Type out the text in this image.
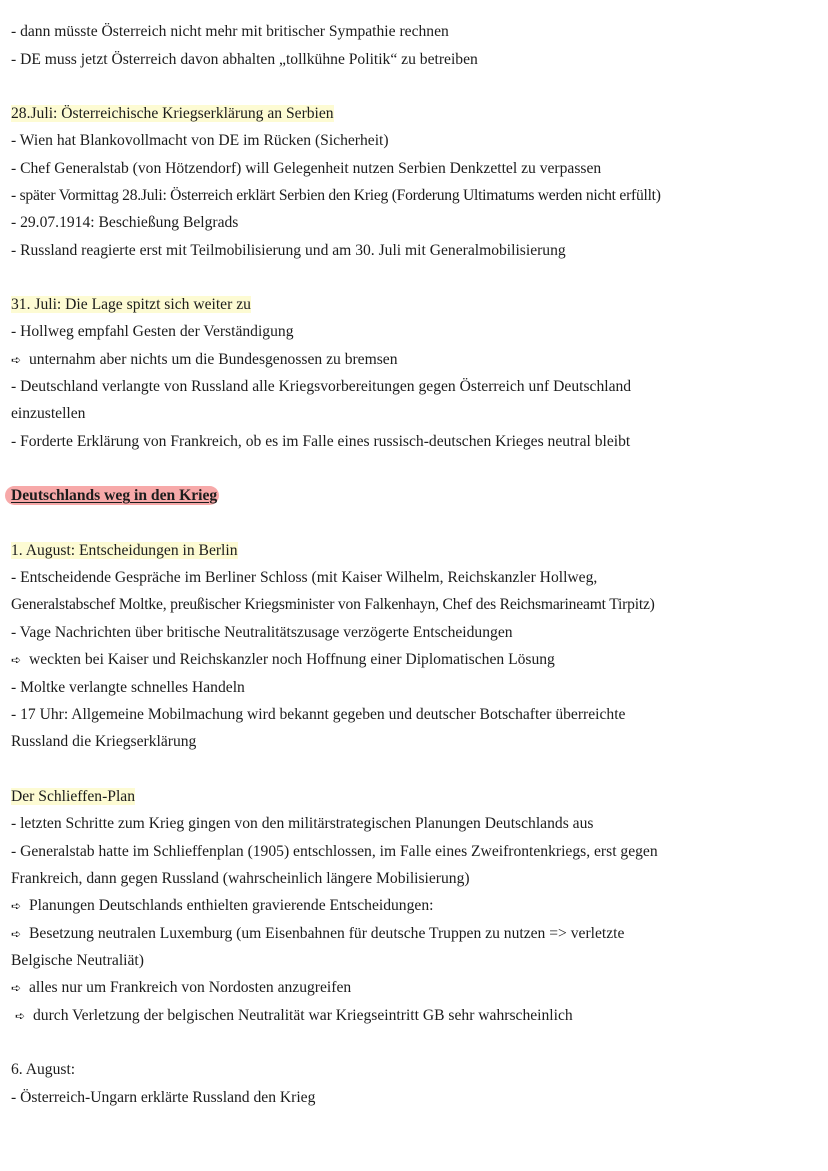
- dann müsste Österreich nicht mehr mit britischer Sympathie rechnen

- DE muss jetzt Österreich davon abhalten „tollkühne Politik“ zu betreiben

28.Juli: Österreichische Kriegserklärung an Serbien

- Wien hat Blankovollmacht von DE im Rücken (Sicherheit)

- Chef Generalstab (von Hötzendorf) will Gelegenheit nutzen Serbien Denkzettel zu verpassen

- später Vormittag 28.Juli: Österreich erklärt Serbien den Krieg (Forderung Ultimatums werden nicht erfüllt)

- 29.07.1914: Beschießung Belgrads

- Russland reagierte erst mit Teilmobilisierung und am 30. Juli mit Generalmobilisierung

31. Juli: Die Lage spitzt sich weiter zu

- Hollweg empfahl Gesten der Verständigung

➪ unternahm aber nichts um die Bundesgenossen zu bremsen

- Deutschland verlangte von Russland alle Kriegsvorbereitungen gegen Österreich unf Deutschland

einzustellen

- Forderte Erklärung von Frankreich, ob es im Falle eines russisch-deutschen Krieges neutral bleibt

Deutschlands weg in den Krieg

1. August: Entscheidungen in Berlin

- Entscheidende Gespräche im Berliner Schloss (mit Kaiser Wilhelm, Reichskanzler Hollweg,

Generalstabschef Moltke, preußischer Kriegsminister von Falkenhayn, Chef des Reichsmarineamt Tirpitz)

- Vage Nachrichten über britische Neutralitätszusage verzögerte Entscheidungen

➪ weckten bei Kaiser und Reichskanzler noch Hoffnung einer Diplomatischen Lösung

- Moltke verlangte schnelles Handeln

- 17 Uhr: Allgemeine Mobilmachung wird bekannt gegeben und deutscher Botschafter überreichte

Russland die Kriegserklärung

Der Schlieffen-Plan

- letzten Schritte zum Krieg gingen von den militärstrategischen Planungen Deutschlands aus

- Generalstab hatte im Schlieffenplan (1905) entschlossen, im Falle eines Zweifrontenkriegs, erst gegen

Frankreich, dann gegen Russland (wahrscheinlich längere Mobilisierung)

➪ Planungen Deutschlands enthielten gravierende Entscheidungen:

➪ Besetzung neutralen Luxemburg (um Eisenbahnen für deutsche Truppen zu nutzen => verletzte

Belgische Neutraliät)

➪ alles nur um Frankreich von Nordosten anzugreifen

➪ durch Verletzung der belgischen Neutralität war Kriegseintritt GB sehr wahrscheinlich

6. August:

- Österreich-Ungarn erklärte Russland den Krieg
